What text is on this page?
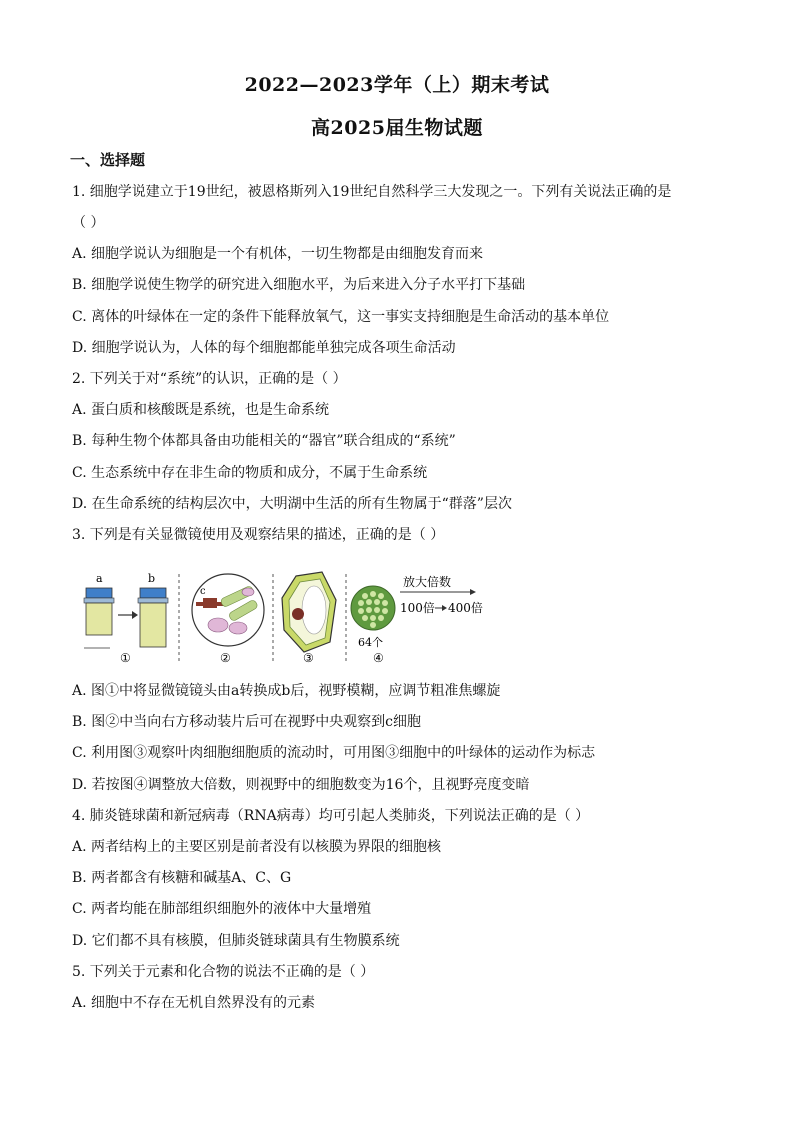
2022—2023学年（上）期末考试
高2025届生物试题
一、选择题
1. 细胞学说建立于19世纪，被恩格斯列入19世纪自然科学三大发现之一。下列有关说法正确的是
（ ）
A. 细胞学说认为细胞是一个有机体，一切生物都是由细胞发育而来
B. 细胞学说使生物学的研究进入细胞水平，为后来进入分子水平打下基础
C. 离体的叶绿体在一定的条件下能释放氧气，这一事实支持细胞是生命活动的基本单位
D. 细胞学说认为，人体的每个细胞都能单独完成各项生命活动
2. 下列关于对“系统”的认识，正确的是（ ）
A. 蛋白质和核酸既是系统，也是生命系统
B. 每种生物个体都具备由功能相关的“器官”联合组成的“系统”
C. 生态系统中存在非生命的物质和成分，不属于生命系统
D. 在生命系统的结构层次中，大明湖中生活的所有生物属于“群落”层次
3. 下列是有关显微镜使用及观察结果的描述，正确的是（ ）
a	b
①
c
②	③
64个
放大倍数
100倍 400倍
④
A. 图①中将显微镜镜头由a转换成b后，视野模糊，应调节粗准焦螺旋
B. 图②中当向右方移动装片后可在视野中央观察到c细胞
C. 利用图③观察叶肉细胞细胞质的流动时，可用图③细胞中的叶绿体的运动作为标志
D. 若按图④调整放大倍数，则视野中的细胞数变为16个，且视野亮度变暗
4. 肺炎链球菌和新冠病毒（RNA病毒）均可引起人类肺炎，下列说法正确的是（ ）
A. 两者结构上的主要区别是前者没有以核膜为界限的细胞核
B. 两者都含有核糖和碱基A、C、G
C. 两者均能在肺部组织细胞外的液体中大量增殖
D. 它们都不具有核膜，但肺炎链球菌具有生物膜系统
5. 下列关于元素和化合物的说法不正确的是（ ）
A. 细胞中不存在无机自然界没有的元素
